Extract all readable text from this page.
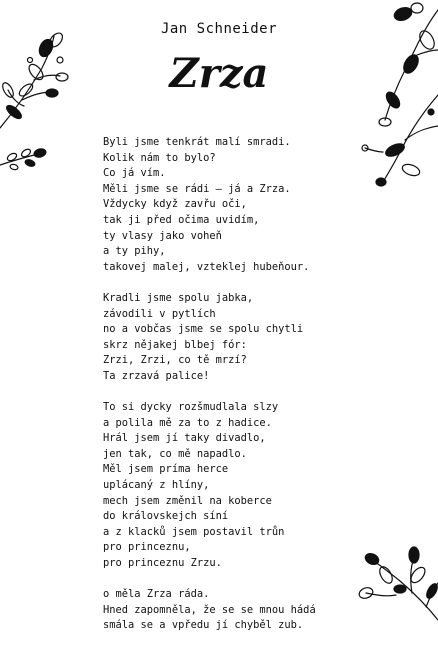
Jan Schneider
Zrza
Byli jsme tenkrát malí smradi.
Kolik nám to bylo?
Co já vím.
Měli jsme se rádi – já a Zrza.
Vždycky když zavřu oči,
tak ji před očima uvidím,
ty vlasy jako voheň
a ty pihy,
takovej malej, vzteklej hubeňour.
Kradli jsme spolu jabka,
závodili v pytlích
no a vobčas jsme se spolu chytli
skrz nějakej blbej fór:
Zrzi, Zrzi, co tě mrzí?
Ta zrzavá palice!
To si dycky rozšmudlala slzy
a polila mě za to z hadice.
Hrál jsem jí taky divadlo,
jen tak, co mě napadlo.
Měl jsem príma herce
uplácaný z hlíny,
mech jsem změnil na koberce
do královskejch síní
a z klacků jsem postavil trůn
pro princeznu,
pro princeznu Zrzu.
o měla Zrza ráda.
Hned zapomněla, že se se mnou hádá
smála se a vpředu jí chyběl zub.
